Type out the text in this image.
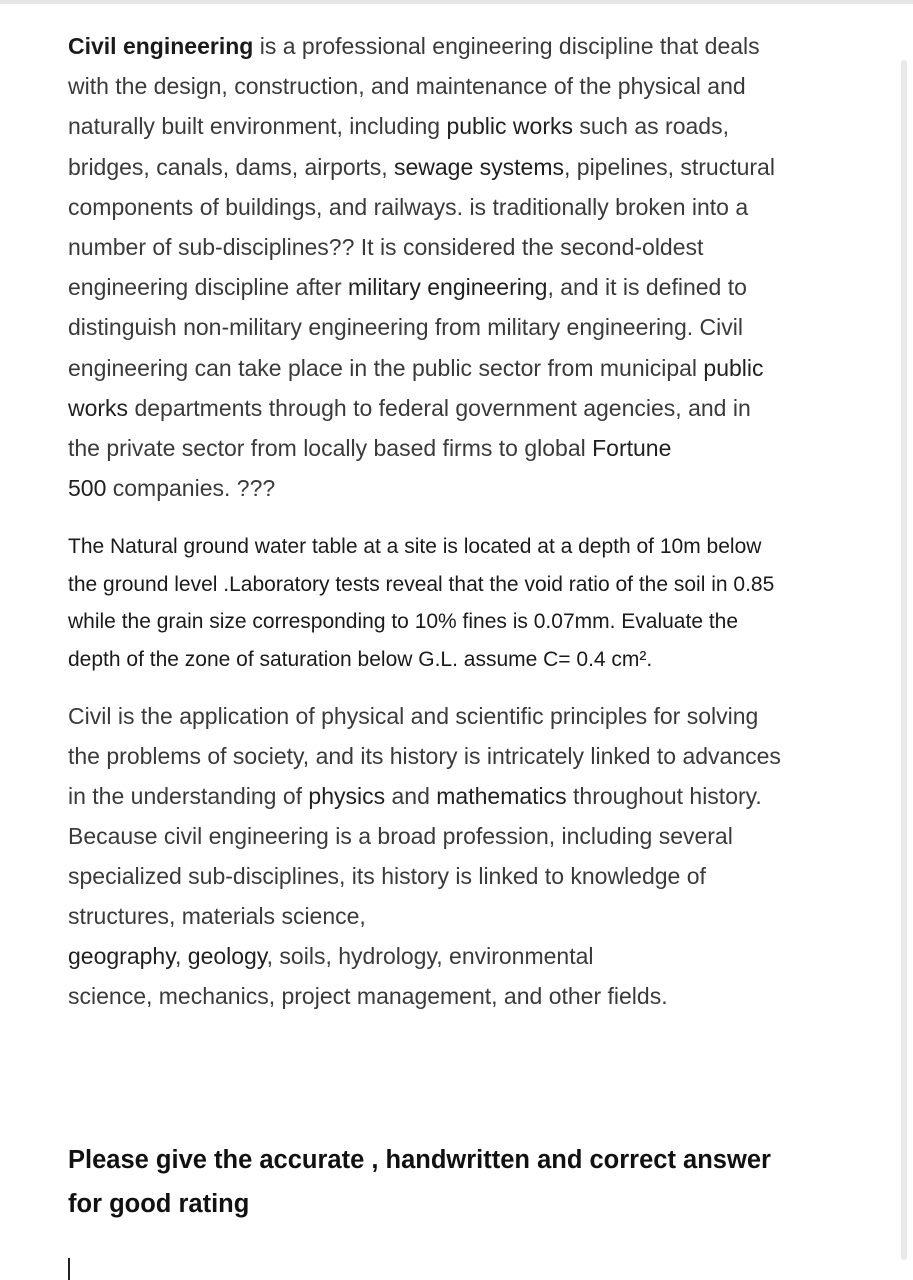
Civil engineering is a professional engineering discipline that deals
with the design, construction, and maintenance of the physical and
naturally built environment, including public works such as roads,
bridges, canals, dams, airports, sewage systems, pipelines, structural
components of buildings, and railways. is traditionally broken into a
number of sub-disciplines?? It is considered the second-oldest
engineering discipline after military engineering, and it is defined to
distinguish non-military engineering from military engineering. Civil
engineering can take place in the public sector from municipal public
works departments through to federal government agencies, and in
the private sector from locally based firms to global Fortune
500 companies. ???

The Natural ground water table at a site is located at a depth of 10m below
the ground level .Laboratory tests reveal that the void ratio of the soil in 0.85
while the grain size corresponding to 10% fines is 0.07mm. Evaluate the
depth of the zone of saturation below G.L. assume C= 0.4 cm².
Civil is the application of physical and scientific principles for solving
the problems of society, and its history is intricately linked to advances
in the understanding of physics and mathematics throughout history.
Because civil engineering is a broad profession, including several
specialized sub-disciplines, its history is linked to knowledge of
structures, materials science,
geography, geology, soils, hydrology, environmental
science, mechanics, project management, and other fields.
Please give the accurate , handwritten and correct answer
for good rating
